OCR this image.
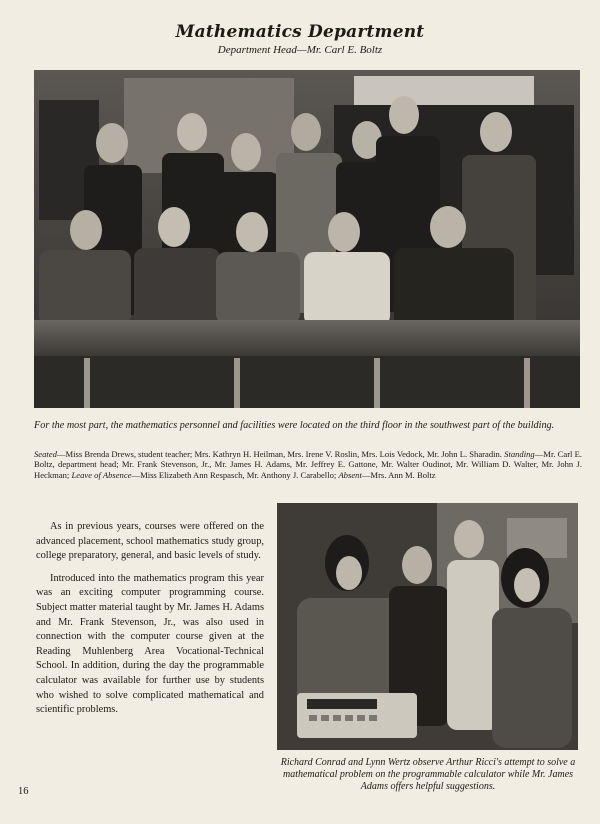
Mathematics Department
Department Head—Mr. Carl E. Boltz
For the most part, the mathematics personnel and facilities were located on the third floor in the southwest part of the building.
Seated—Miss Brenda Drews, student teacher; Mrs. Kathryn H. Heilman, Mrs. Irene V. Roslin, Mrs. Lois Vedock, Mr. John L. Sharadin. Standing—Mr. Carl E. Boltz, department head; Mr. Frank Stevenson, Jr., Mr. James H. Adams, Mr. Jeffrey E. Gattone, Mr. Walter Oudinot, Mr. William D. Walter, Mr. John J. Heckman; Leave of Absence—Miss Elizabeth Ann Respasch, Mr. Anthony J. Carabello; Absent—Mrs. Ann M. Boltz

As in previous years, courses were offered on the advanced placement, school mathematics study group, college preparatory, general, and basic levels of study.

Introduced into the mathematics program this year was an exciting computer programming course. Subject matter material taught by Mr. James H. Adams and Mr. Frank Stevenson, Jr., was also used in connection with the computer course given at the Reading Muhlenberg Area Vocational-Technical School. In addition, during the day the programmable calculator was available for further use by students who wished to solve complicated mathematical and scientific problems.

Richard Conrad and Lynn Wertz observe Arthur Ricci's attempt to solve a mathematical problem on the programmable calculator while Mr. James Adams offers helpful suggestions.
16
